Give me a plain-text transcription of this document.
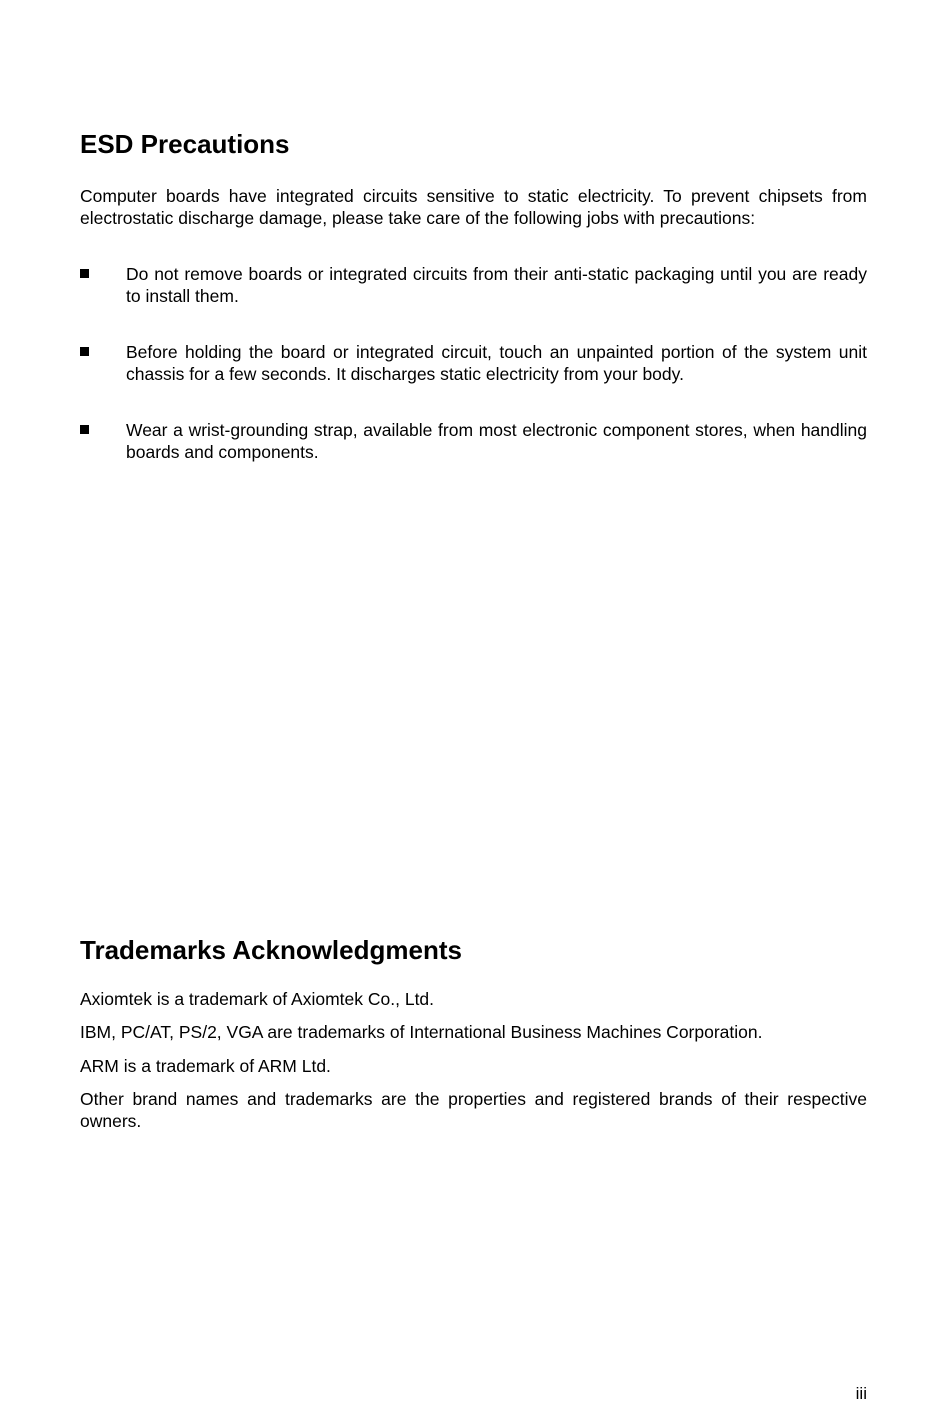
ESD Precautions

Computer boards have integrated circuits sensitive to static electricity. To prevent chipsets from electrostatic discharge damage, please take care of the following jobs with precautions:

Do not remove boards or integrated circuits from their anti-static packaging until you are ready to install them.

Before holding the board or integrated circuit, touch an unpainted portion of the system unit chassis for a few seconds. It discharges static electricity from your body.

Wear a wrist-grounding strap, available from most electronic component stores, when handling boards and components.

Trademarks Acknowledgments

Axiomtek is a trademark of Axiomtek Co., Ltd.

IBM, PC/AT, PS/2, VGA are trademarks of International Business Machines Corporation.

ARM is a trademark of ARM Ltd.

Other brand names and trademarks are the properties and registered brands of their respective owners.

iii
